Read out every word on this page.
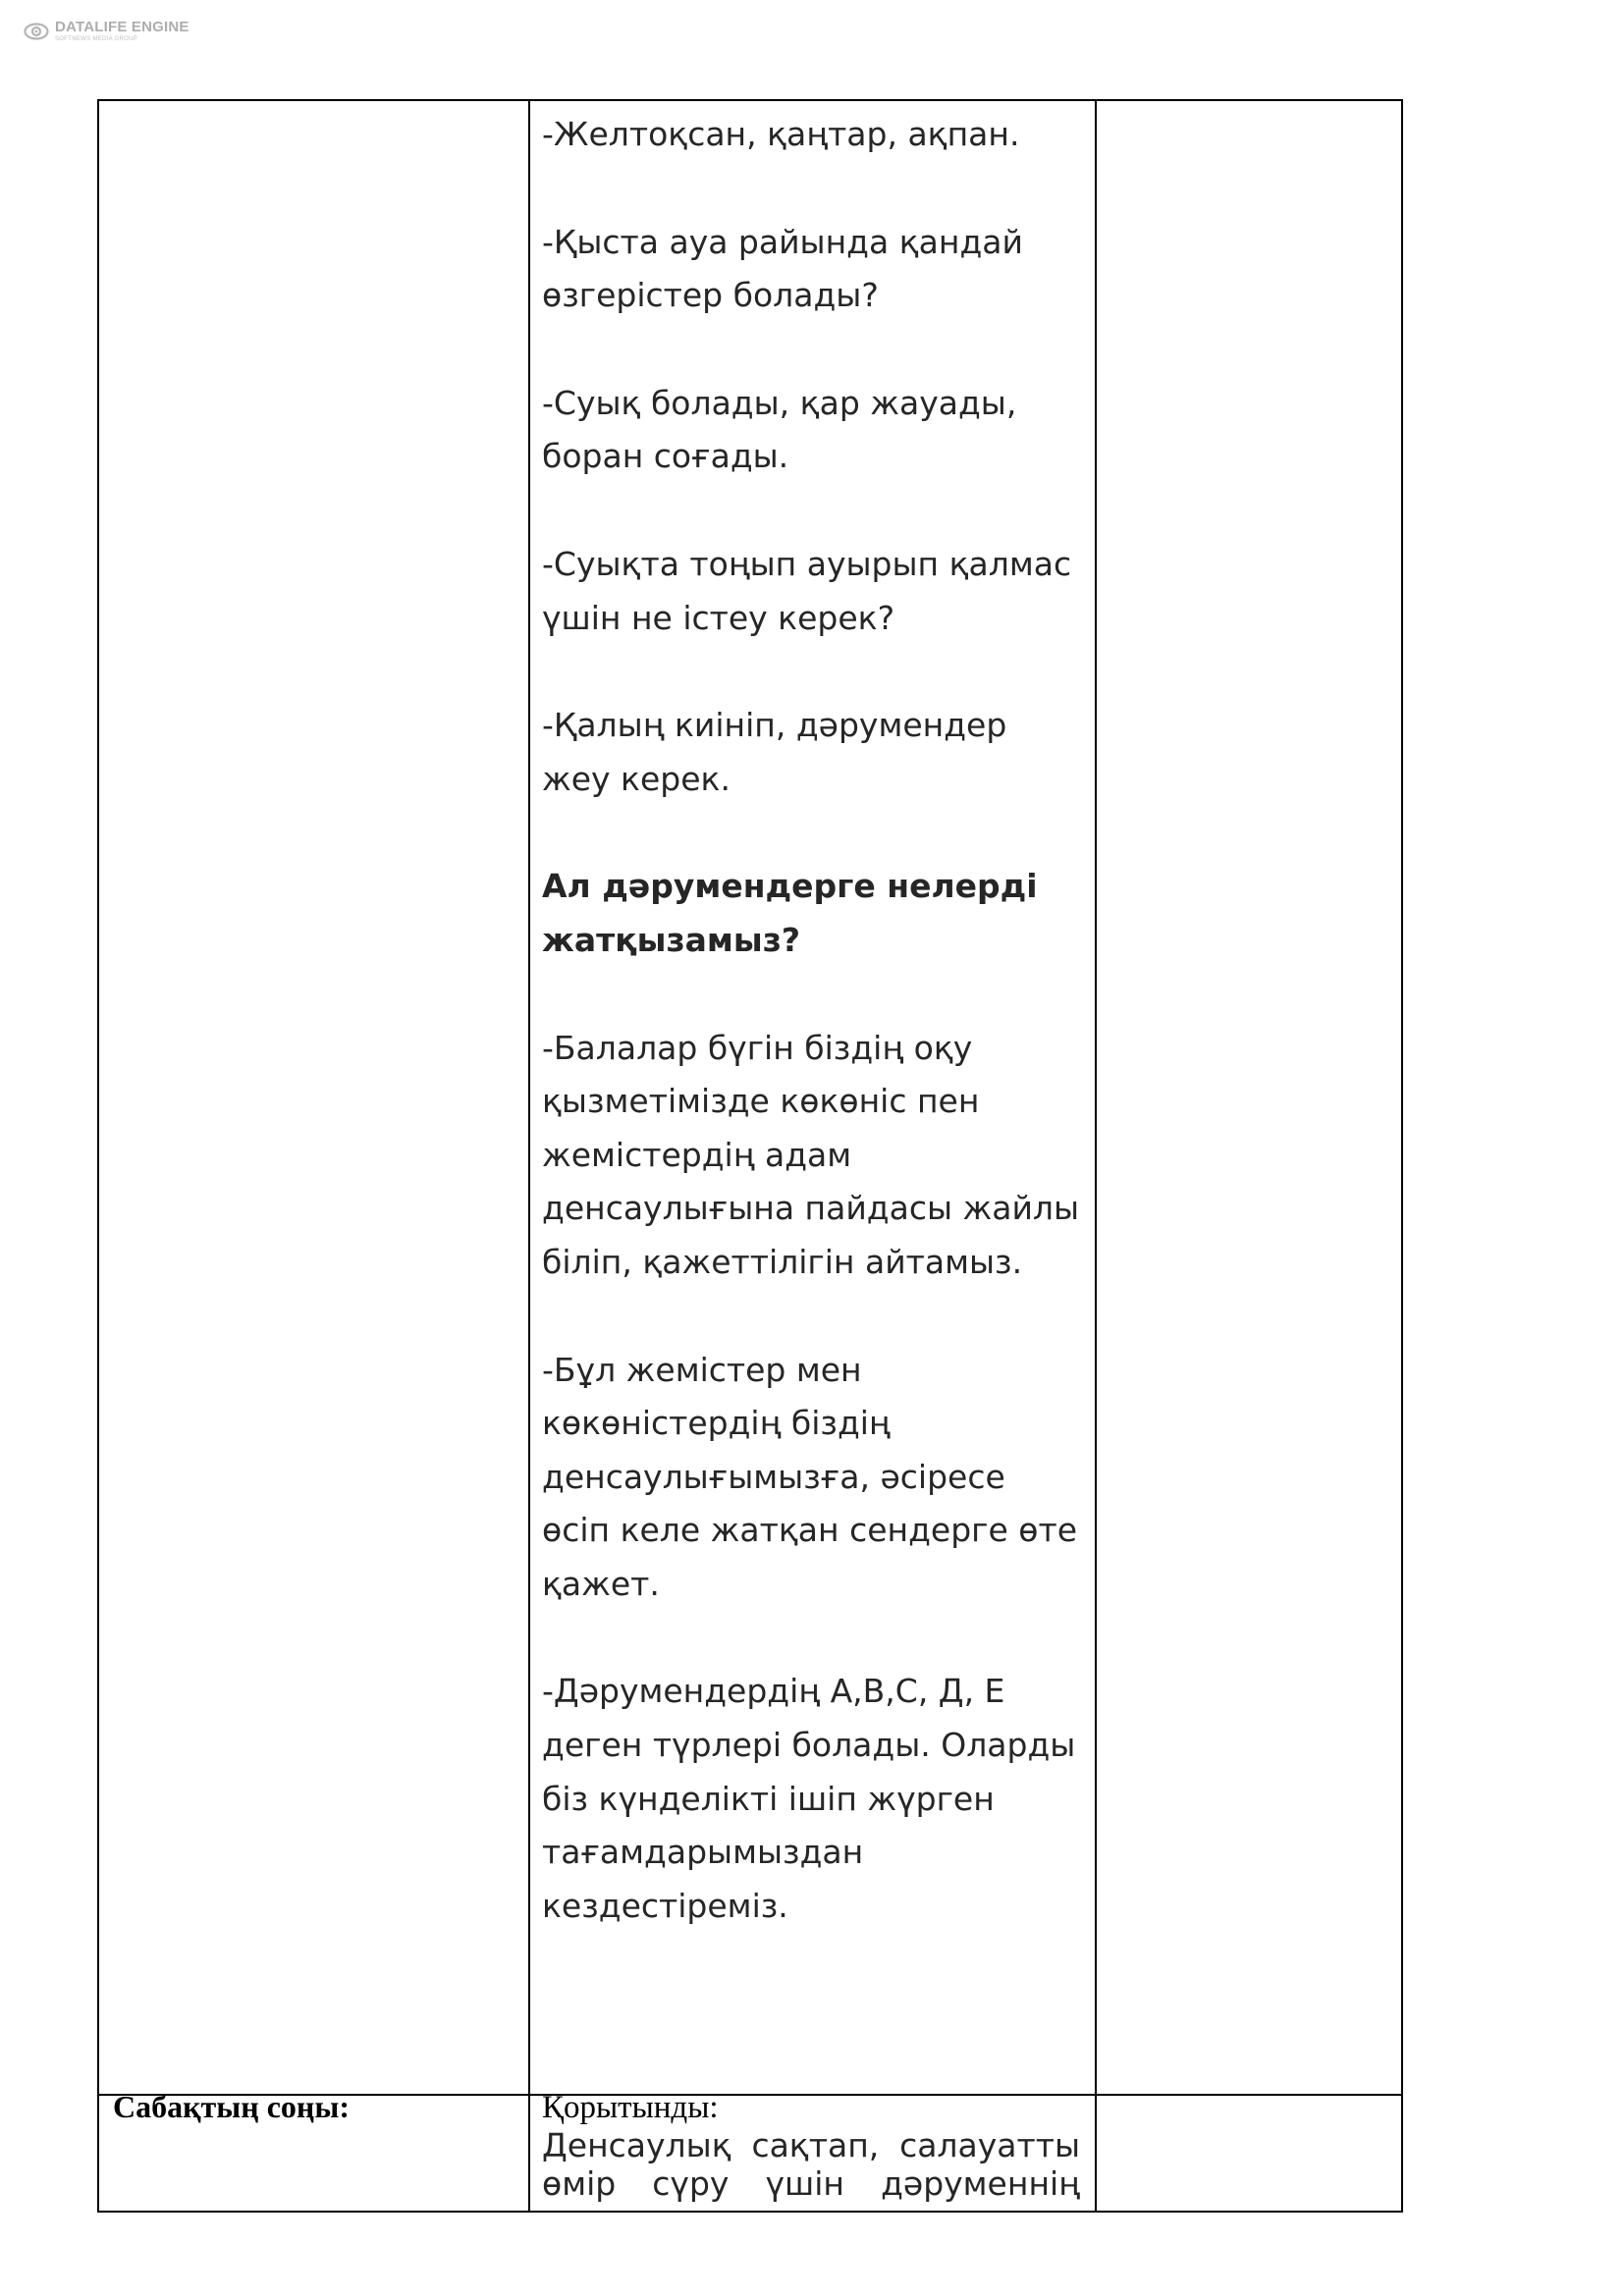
DATALIFE ENGINE
SOFTNEWS MEDIA GROUP

-Желтоқсан, қаңтар, ақпан.

-Қыста ауа райында қандай өзгерістер болады?

-Суық болады, қар жауады, боран соғады.

-Суықта тоңып ауырып қалмас үшін не істеу керек?

-Қалың киініп, дәрумендер жеу керек.

Ал дәрумендерге нелерді жатқызамыз?

-Балалар бүгін біздің оқу қызметімізде көкөніс пен жемістердің адам денсаулығына пайдасы жайлы біліп, қажеттілігін айтамыз.

-Бұл жемістер мен көкөністердің біздің денсаулығымызға, әсіресе өсіп келе жатқан сендерге өте қажет.

-Дәрумендердің А,В,С, Д, Е деген түрлері болады. Оларды біз күнделікті ішіп жүрген тағамдарымыздан кездестіреміз.

Сабақтың соңы:	Қорытынды:
Денсаулық сақтап, салауатты өмір сүру үшін дәруменнің
